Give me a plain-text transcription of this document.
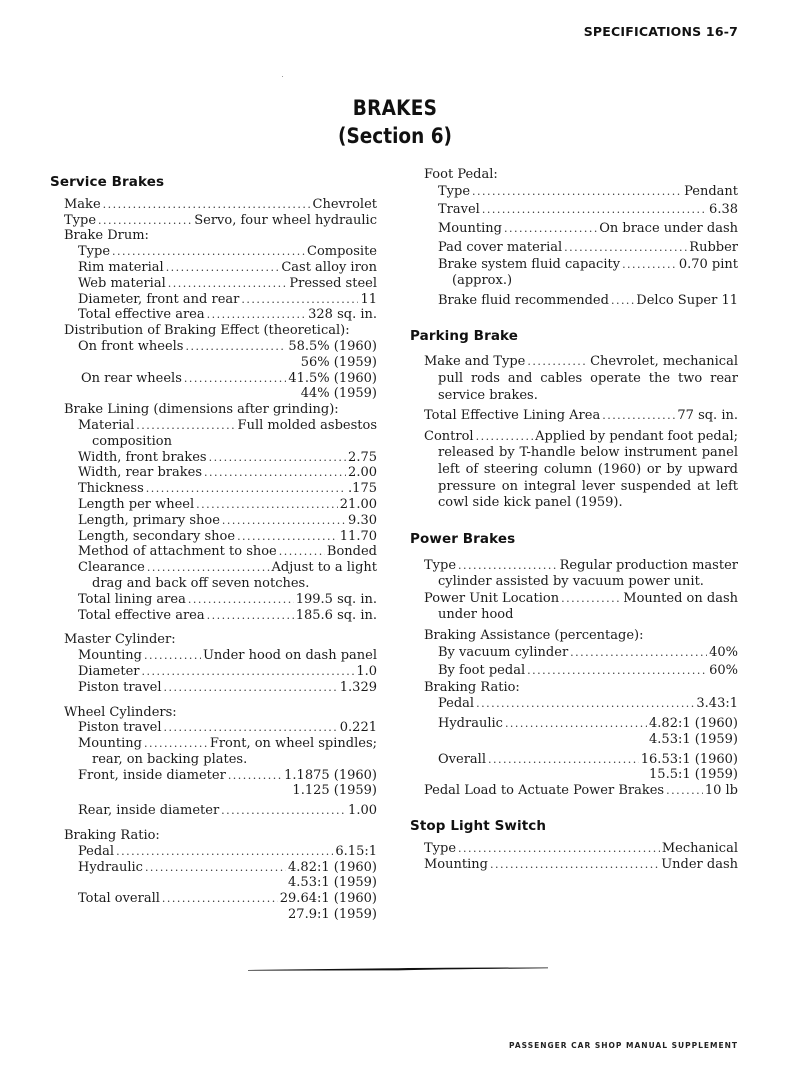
SPECIFICATIONS 16-7
BRAKES
(Section 6)
Service Brakes
Make . . .	Chevrolet
Type . . .	Servo, four wheel hydraulic
Brake Drum:
Type . . .	Composite
Rim material . . .	Cast alloy iron
Web material . . .	Pressed steel
Diameter, front and rear . . .	11
Total effective area . . .	328 sq. in.
Distribution of Braking Effect (theoretical):
On front wheels . . .	58.5% (1960)
56% (1959)
On rear wheels . . .	41.5% (1960)
44% (1959)
Brake Lining (dimensions after grinding):
Material . . .	Full molded asbestos
composition
Width, front brakes . . .	2.75
Width, rear brakes . . .	2.00
Thickness . . .	.175
Length per wheel . . .	21.00
Length, primary shoe . . .	9.30
Length, secondary shoe . . .	11.70
Method of attachment to shoe . . .	Bonded
Clearance . . .	Adjust to a light
drag and back off seven notches.
Total lining area . . .	199.5 sq. in.
Total effective area . . .	185.6 sq. in.
Master Cylinder:
Mounting . . .	Under hood on dash panel
Diameter . . .	1.0
Piston travel . . .	1.329
Wheel Cylinders:
Piston travel . . .	0.221
Mounting . . .	Front, on wheel spindles;
rear, on backing plates.
Front, inside diameter . . .	1.1875 (1960)
1.125 (1959)
Rear, inside diameter . . .	1.00
Braking Ratio:
Pedal . . .	6.15:1
Hydraulic . . .	4.82:1 (1960)
4.53:1 (1959)
Total overall . . .	29.64:1 (1960)
27.9:1 (1959)
Foot Pedal:
Type . . .	Pendant
Travel . . .	6.38
Mounting . . .	On brace under dash
Pad cover material . . .	Rubber
Brake system fluid capacity . . .	0.70 pint
(approx.)
Brake fluid recommended . . . Delco Super 11
Parking Brake
Make and Type . . .	Chevrolet, mechanical
pull rods and cables operate the two rear service brakes.
Total Effective Lining Area . . .	77 sq. in.
Control . . .	Applied by pendant foot pedal;
released by T-handle below instrument panel left of steering column (1960) or by upward pressure on integral lever suspended at left cowl side kick panel (1959).
Power Brakes
Type . . .	Regular production master
cylinder assisted by vacuum power unit.
Power Unit Location . . .	Mounted on dash
under hood
Braking Assistance (percentage):
By vacuum cylinder . . .	40%
By foot pedal . . .	60%
Braking Ratio:
Pedal . . .	3.43:1
Hydraulic . . .	4.82:1 (1960)
4.53:1 (1959)
Overall . . .	16.53:1 (1960)
15.5:1 (1959)
Pedal Load to Actuate Power Brakes . . .	10 lb
Stop Light Switch
Type . . .	Mechanical
Mounting . . .	Under dash
PASSENGER CAR SHOP MANUAL SUPPLEMENT
